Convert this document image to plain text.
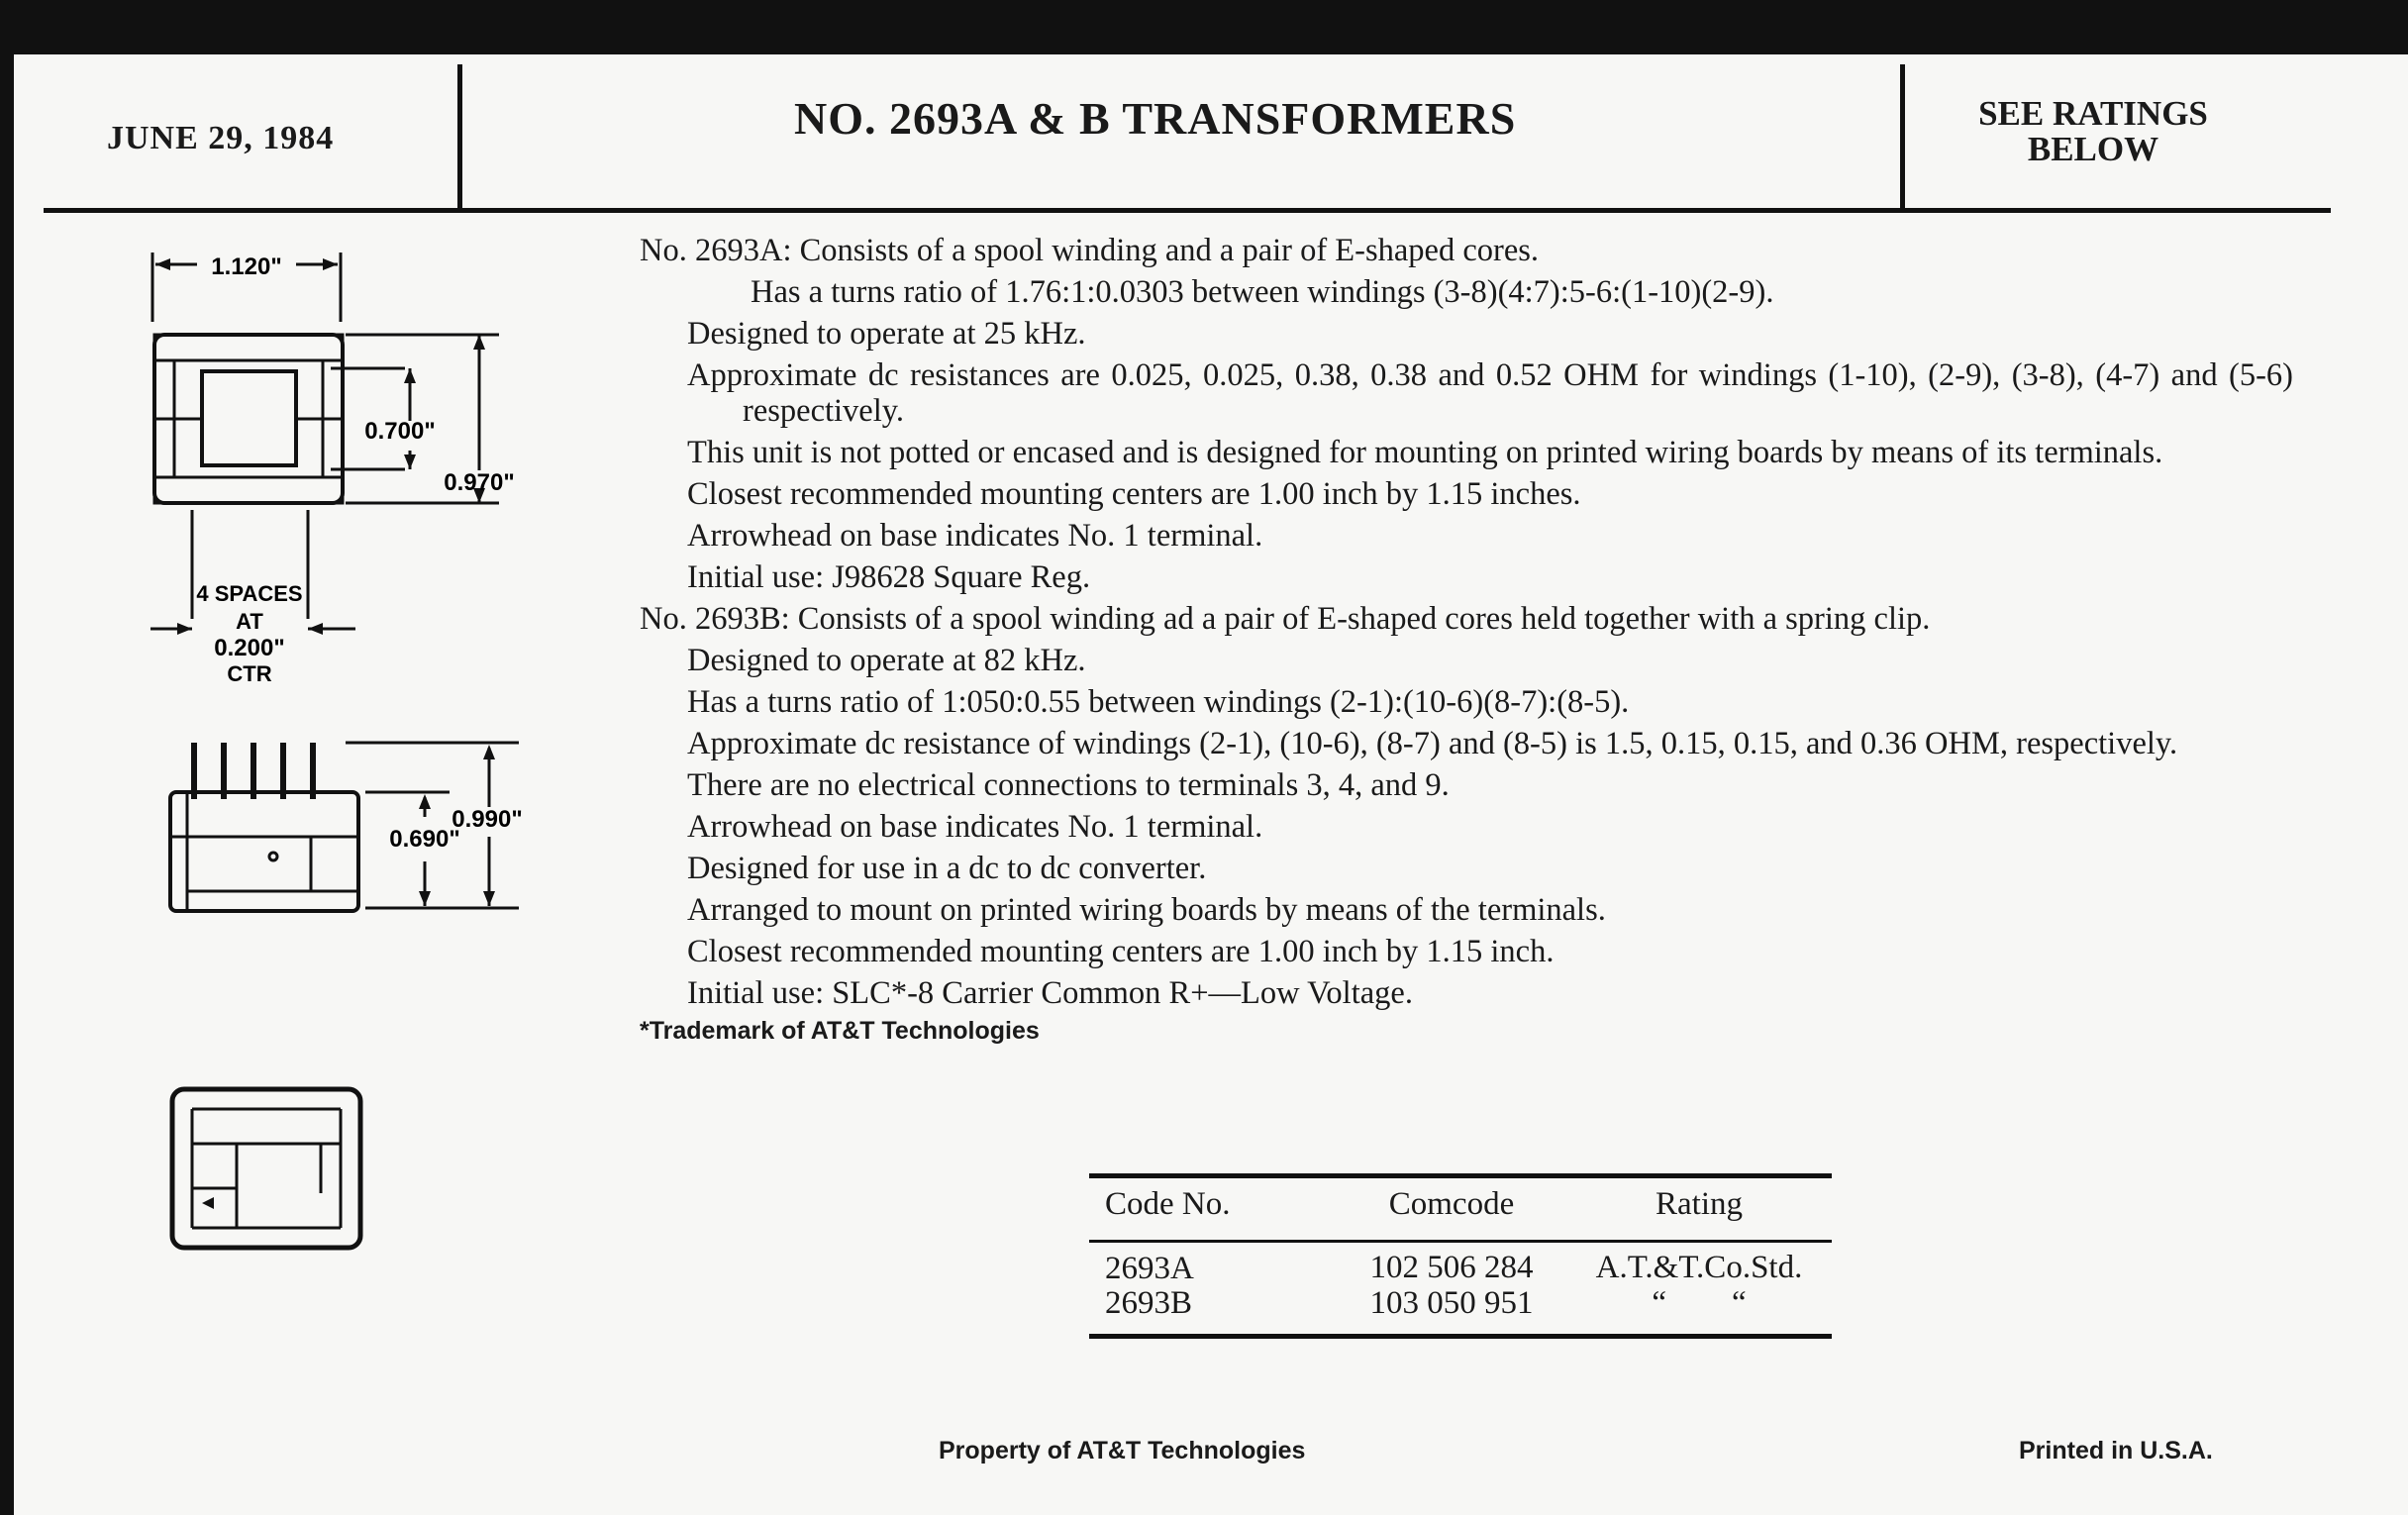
JUNE 29, 1984	NO. 2693A & B TRANSFORMERS	SEE RATINGS
BELOW
1.120"
0.700"
0.970"
4 SPACES
AT
0.200"
CTR
0.990"
0.690"
No. 2693A: Consists of a spool winding and a pair of E-shaped cores.
Has a turns ratio of 1.76:1:0.0303 between windings (3-8)(4:7):5-6:(1-10)(2-9).
Designed to operate at 25 kHz.
Approximate dc resistances are 0.025, 0.025, 0.38, 0.38 and 0.52 OHM for windings (1-10), (2-9), (3-8), (4-7) and (5-6) respectively.
This unit is not potted or encased and is designed for mounting on printed wiring boards by means of its terminals.
Closest recommended mounting centers are 1.00 inch by 1.15 inches.
Arrowhead on base indicates No. 1 terminal.
Initial use: J98628 Square Reg.
No. 2693B: Consists of a spool winding ad a pair of E-shaped cores held together with a spring clip.
Designed to operate at 82 kHz.
Has a turns ratio of 1:050:0.55 between windings (2-1):(10-6)(8-7):(8-5).
Approximate dc resistance of windings (2-1), (10-6), (8-7) and (8-5) is 1.5, 0.15, 0.15, and 0.36 OHM, respectively.
There are no electrical connections to terminals 3, 4, and 9.
Arrowhead on base indicates No. 1 terminal.
Designed for use in a dc to dc converter.
Arranged to mount on printed wiring boards by means of the terminals.
Closest recommended mounting centers are 1.00 inch by 1.15 inch.
Initial use: SLC*-8 Carrier Common R+—Low Voltage.
*Trademark of AT&T Technologies
Code No.	Comcode	Rating
2693A	102 506 284	A.T.&T.Co.Std.
2693B	103 050 951	“        “
Property of AT&T Technologies	Printed in U.S.A.
